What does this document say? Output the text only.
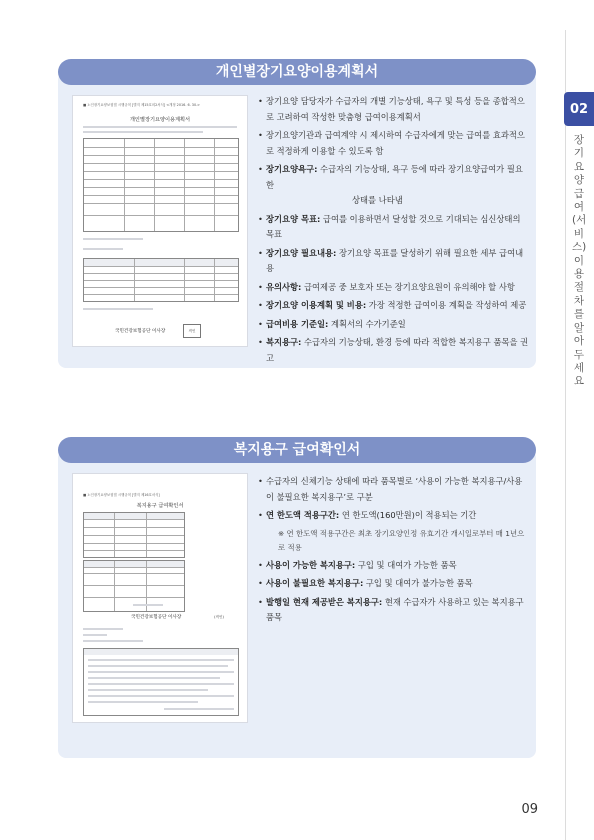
02
장기요양급여(서비스) 이용 절차를 알아두세요
개인별장기요양이용계획서
■ 노인장기요양보험법 시행규칙 [별지 제15호의2서식] <개정 2016. 6. 30.>
개인별장기요양이용계획서
국민건강보험공단 이사장	직인
• 장기요양 담당자가 수급자의 개별 기능상태, 욕구 및 특성 등을 종합적으로 고려하여 작성한 맞춤형 급여이용계획서
• 장기요양기관과 급여계약 시 제시하여 수급자에게 맞는 급여를 효과적으로 적정하게 이용할 수 있도록 함
• 장기요양욕구: 수급자의 기능상태, 욕구 등에 따라 장기요양급여가 필요한
상태를 나타냄
• 장기요양 목표: 급여를 이용하면서 달성할 것으로 기대되는 심신상태의 목표
• 장기요양 필요내용: 장기요양 목표를 달성하기 위해 필요한 세부 급여내용
• 유의사항: 급여제공 중 보호자 또는 장기요양요원이 유의해야 할 사항
• 장기요양 이용계획 및 비용: 가장 적정한 급여이용 계획을 작성하여 제공
• 급여비용 기준일: 계획서의 수가기준일
• 복지용구: 수급자의 기능상태, 환경 등에 따라 적합한 복지용구 품목을 권고
복지용구 급여확인서
■ 노인장기요양보험법 시행규칙 [별지 제16호서식]
복지용구 급여확인서
국민건강보험공단 이사장	(직인)
• 수급자의 신체기능 상태에 따라 품목별로 ‘사용이 가능한 복지용구/사용이 불필요한 복지용구’로 구분
• 연 한도액 적용구간: 연 한도액(160만원)이 적용되는 기간
※ 연 한도액 적용구간은 최초 장기요양인정 유효기간 개시일로부터 매 1년으로 적용
• 사용이 가능한 복지용구: 구입 및 대여가 가능한 품목
• 사용이 불필요한 복지용구: 구입 및 대여가 불가능한 품목
• 발행일 현재 제공받은 복지용구: 현재 수급자가 사용하고 있는 복지용구 품목
09
